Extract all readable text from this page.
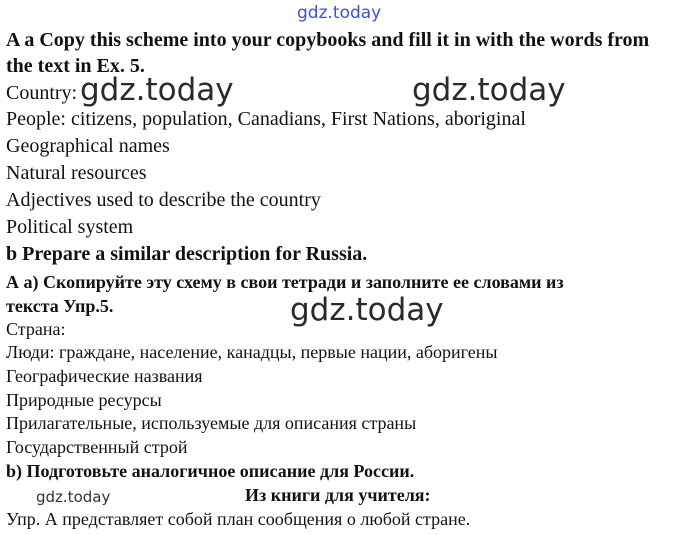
gdz.today
A a Copy this scheme into your copybooks and fill it in with the words from
the text in Ex. 5.
Country: gdz.today	gdz.today
People: citizens, population, Canadians, First Nations, aboriginal
Geographical names
Natural resources
Adjectives used to describe the country
Political system
b Prepare a similar description for Russia.
А а) Скопируйте эту схему в свои тетради и заполните ее словами из
текста Упр.5.	gdz.today
Страна:
Люди: граждане, население, канадцы, первые нации, аборигены
Географические названия
Природные ресурсы
Прилагательные, используемые для описания страны
Государственный строй
b) Подготовьте аналогичное описание для России.
gdz.today	Из книги для учителя:
Упр. А представляет собой план сообщения о любой стране.
